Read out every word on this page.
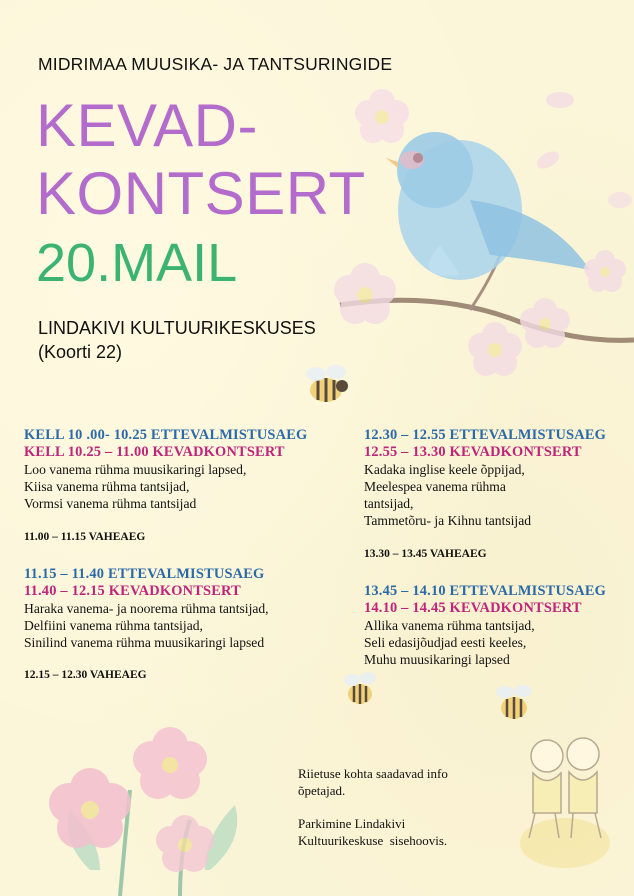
MIDRIMAA MUUSIKA- JA TANTSURINGIDE
KEVAD-
KONTSERT
20.MAIL
LINDAKIVI KULTUURIKESKUSES
(Koorti 22)
KELL 10 .00- 10.25 ETTEVALMISTUSAEG
KELL 10.25 – 11.00 KEVADKONTSERT
Loo vanema rühma muusikaringi lapsed,
Kiisa vanema rühma tantsijad,
Vormsi vanema rühma tantsijad
11.00 – 11.15 VAHEAEG
11.15 – 11.40 ETTEVALMISTUSAEG
11.40 – 12.15 KEVADKONTSERT
Haraka vanema- ja noorema rühma tantsijad,
Delfiini vanema rühma tantsijad,
Sinilind vanema rühma muusikaringi lapsed
12.15 – 12.30 VAHEAEG
12.30 – 12.55 ETTEVALMISTUSAEG
12.55 – 13.30 KEVADKONTSERT
Kadaka inglise keele õppijad,
Meelespea vanema rühma
tantsijad,
Tammetõru- ja Kihnu tantsijad
13.30 – 13.45 VAHEAEG
13.45 – 14.10 ETTEVALMISTUSAEG
14.10 – 14.45 KEVADKONTSERT
Allika vanema rühma tantsijad,
Seli edasijõudjad eesti keeles,
Muhu muusikaringi lapsed
Riietuse kohta saadavad info
õpetajad.
Parkimine Lindakivi
Kultuurikeskuse  sisehoovis.
